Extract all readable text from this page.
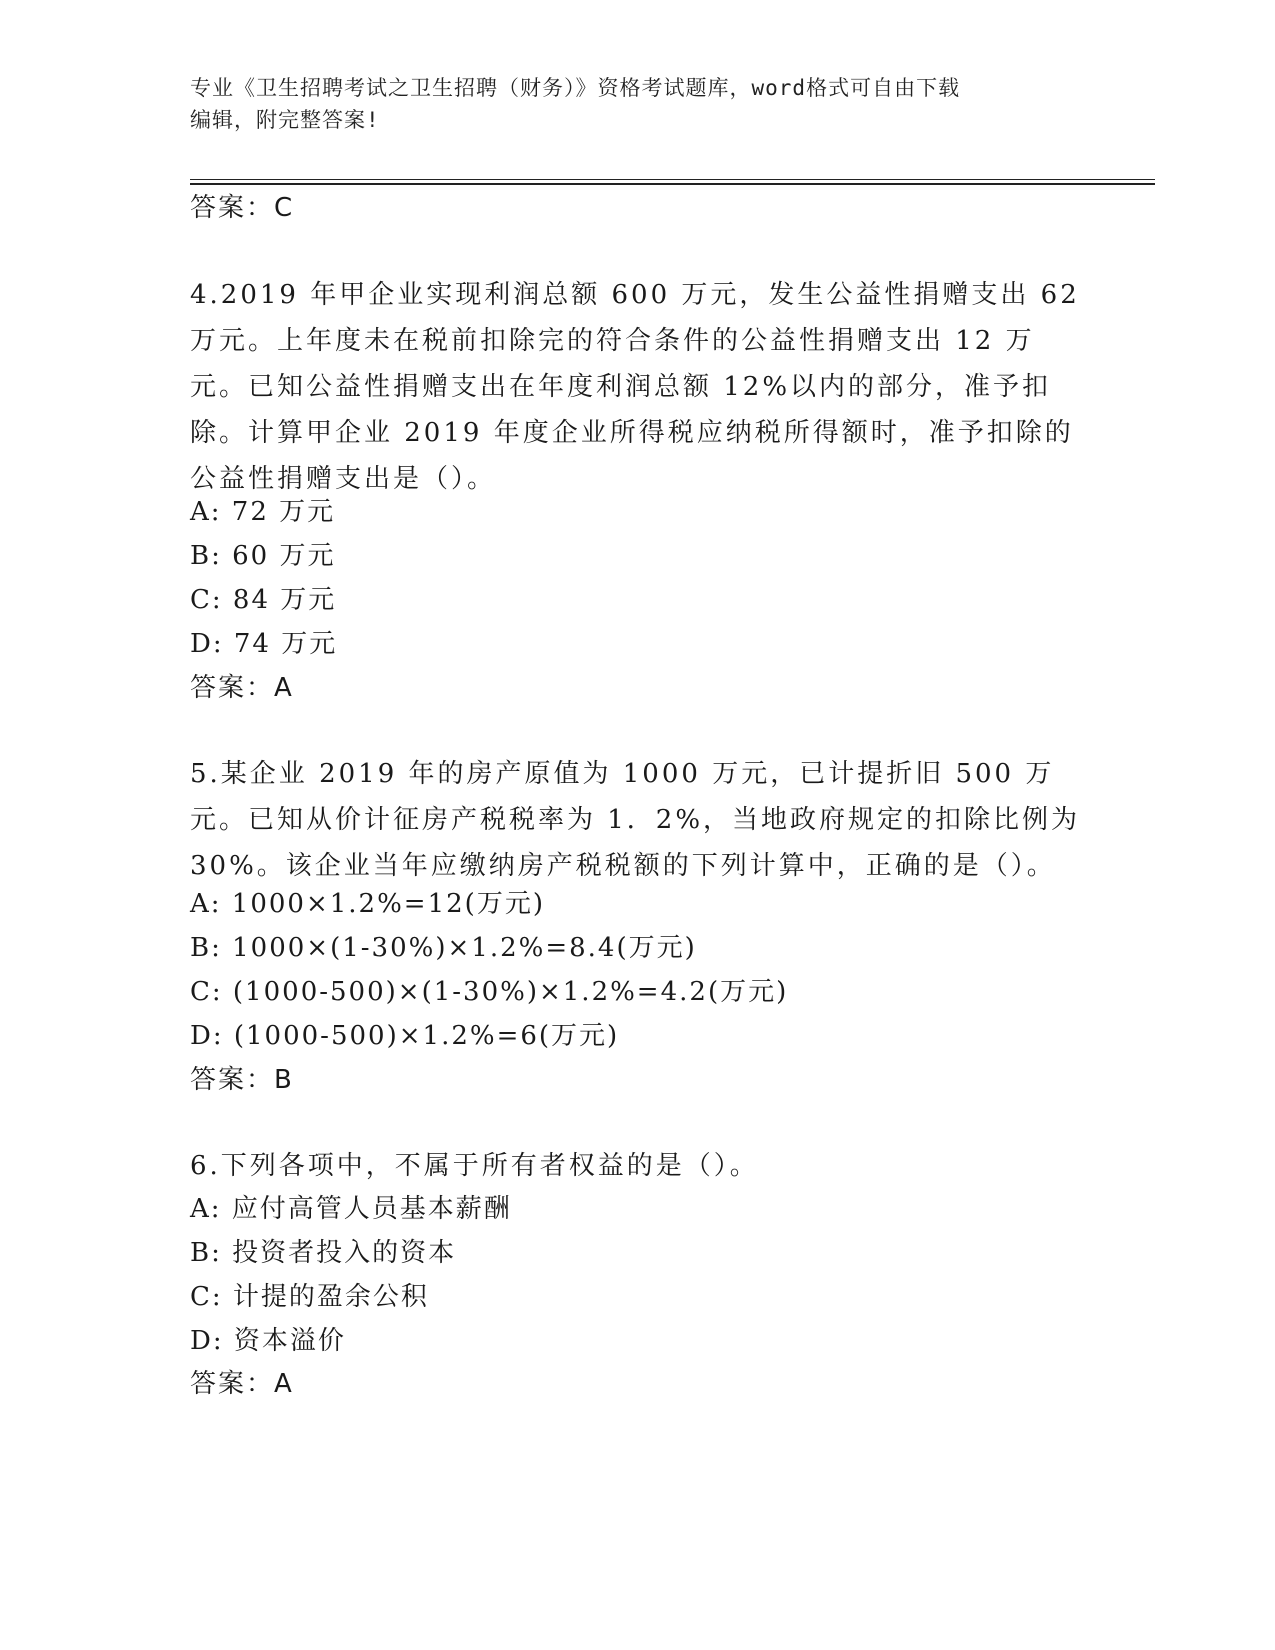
专业《卫生招聘考试之卫生招聘（财务）》资格考试题库，word格式可自由下载
编辑，附完整答案!
答案：C
4.2019 年甲企业实现利润总额 600 万元，发生公益性捐赠支出 62 万元。上年度未在税前扣除完的符合条件的公益性捐赠支出 12 万元。已知公益性捐赠支出在年度利润总额 12%以内的部分，准予扣除。计算甲企业 2019 年度企业所得税应纳税所得额时，准予扣除的公益性捐赠支出是（）。
A: 72 万元
B: 60 万元
C: 84 万元
D: 74 万元
答案：A
5.某企业 2019 年的房产原值为 1000 万元，已计提折旧 500 万元。已知从价计征房产税税率为 1．2%，当地政府规定的扣除比例为 30%。该企业当年应缴纳房产税税额的下列计算中，正确的是（）。
A: 1000×1.2%=12(万元)
B: 1000×(1-30%)×1.2%=8.4(万元)
C: (1000-500)×(1-30%)×1.2%=4.2(万元)
D: (1000-500)×1.2%=6(万元)
答案：B
6.下列各项中，不属于所有者权益的是（）。
A: 应付高管人员基本薪酬
B: 投资者投入的资本
C: 计提的盈余公积
D: 资本溢价
答案：A
